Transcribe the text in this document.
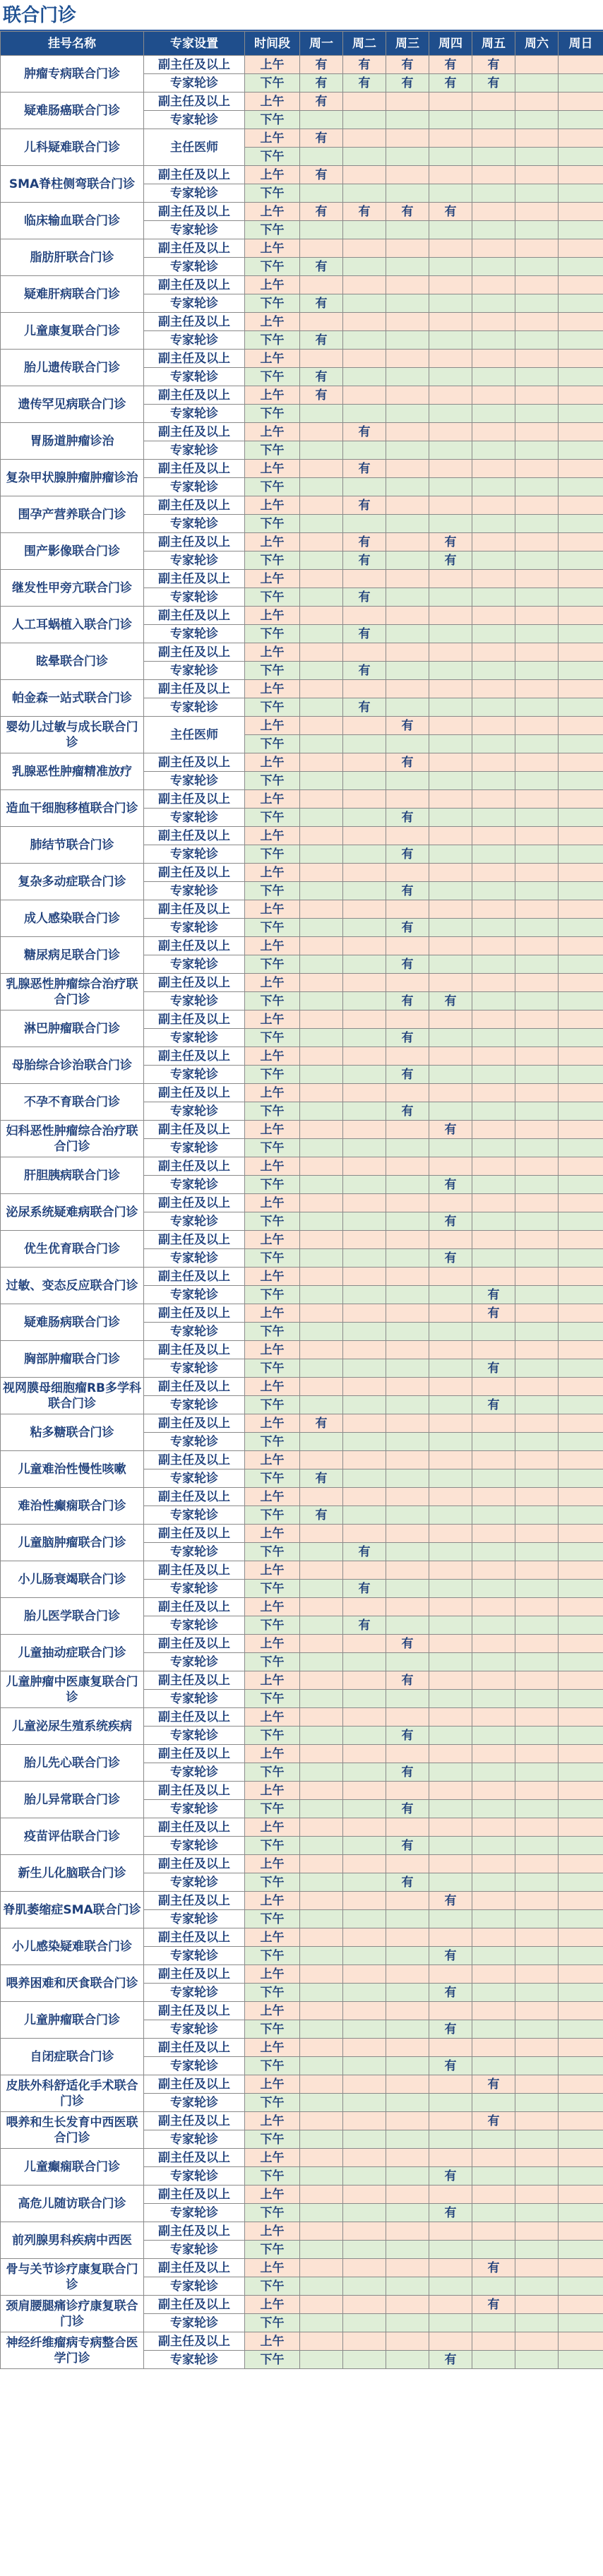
联合门诊
挂号名称	专家设置	时间段	周一	周二	周三	周四	周五	周六	周日
肿瘤专病联合门诊	副主任及以上	上午	有	有	有	有	有		
	专家轮诊	下午	有	有	有	有	有		
疑难肠癌联合门诊	副主任及以上	上午	有						
	专家轮诊	下午							
儿科疑难联合门诊	主任医师	上午	有						
		下午							
SMA脊柱侧弯联合门诊	副主任及以上	上午	有						
	专家轮诊	下午							
临床输血联合门诊	副主任及以上	上午	有	有	有	有			
	专家轮诊	下午							
脂肪肝联合门诊	副主任及以上	上午							
	专家轮诊	下午	有						
疑难肝病联合门诊	副主任及以上	上午							
	专家轮诊	下午	有						
儿童康复联合门诊	副主任及以上	上午							
	专家轮诊	下午	有						
胎儿遗传联合门诊	副主任及以上	上午							
	专家轮诊	下午	有						
遗传罕见病联合门诊	副主任及以上	上午	有						
	专家轮诊	下午							
胃肠道肿瘤诊治	副主任及以上	上午		有					
	专家轮诊	下午							
复杂甲状腺肿瘤肿瘤诊治	副主任及以上	上午		有					
	专家轮诊	下午							
围孕产营养联合门诊	副主任及以上	上午		有					
	专家轮诊	下午							
围产影像联合门诊	副主任及以上	上午		有		有			
	专家轮诊	下午		有		有			
继发性甲旁亢联合门诊	副主任及以上	上午							
	专家轮诊	下午		有					
人工耳蜗植入联合门诊	副主任及以上	上午							
	专家轮诊	下午		有					
眩晕联合门诊	副主任及以上	上午							
	专家轮诊	下午		有					
帕金森一站式联合门诊	副主任及以上	上午							
	专家轮诊	下午		有					
婴幼儿过敏与成长联合门诊	主任医师	上午			有				
		下午							
乳腺恶性肿瘤精准放疗	副主任及以上	上午			有				
	专家轮诊	下午							
造血干细胞移植联合门诊	副主任及以上	上午							
	专家轮诊	下午			有				
肺结节联合门诊	副主任及以上	上午							
	专家轮诊	下午			有				
复杂多动症联合门诊	副主任及以上	上午							
	专家轮诊	下午			有				
成人感染联合门诊	副主任及以上	上午							
	专家轮诊	下午			有				
糖尿病足联合门诊	副主任及以上	上午							
	专家轮诊	下午			有				
乳腺恶性肿瘤综合治疗联合门诊	副主任及以上	上午							
	专家轮诊	下午			有	有			
淋巴肿瘤联合门诊	副主任及以上	上午							
	专家轮诊	下午			有				
母胎综合诊治联合门诊	副主任及以上	上午							
	专家轮诊	下午			有				
不孕不育联合门诊	副主任及以上	上午							
	专家轮诊	下午			有				
妇科恶性肿瘤综合治疗联合门诊	副主任及以上	上午				有			
	专家轮诊	下午							
肝胆胰病联合门诊	副主任及以上	上午							
	专家轮诊	下午				有			
泌尿系统疑难病联合门诊	副主任及以上	上午							
	专家轮诊	下午				有			
优生优育联合门诊	副主任及以上	上午							
	专家轮诊	下午				有			
过敏、变态反应联合门诊	副主任及以上	上午							
	专家轮诊	下午					有		
疑难肠病联合门诊	副主任及以上	上午					有		
	专家轮诊	下午							
胸部肿瘤联合门诊	副主任及以上	上午							
	专家轮诊	下午					有		
视网膜母细胞瘤RB多学科联合门诊	副主任及以上	上午							
	专家轮诊	下午					有		
粘多糖联合门诊	副主任及以上	上午	有						
	专家轮诊	下午							
儿童难治性慢性咳嗽	副主任及以上	上午							
	专家轮诊	下午	有						
难治性癫痫联合门诊	副主任及以上	上午							
	专家轮诊	下午	有						
儿童脑肿瘤联合门诊	副主任及以上	上午							
	专家轮诊	下午		有					
小儿肠衰竭联合门诊	副主任及以上	上午							
	专家轮诊	下午		有					
胎儿医学联合门诊	副主任及以上	上午							
	专家轮诊	下午		有					
儿童抽动症联合门诊	副主任及以上	上午			有				
	专家轮诊	下午							
儿童肿瘤中医康复联合门诊	副主任及以上	上午			有				
	专家轮诊	下午							
儿童泌尿生殖系统疾病	副主任及以上	上午							
	专家轮诊	下午			有				
胎儿先心联合门诊	副主任及以上	上午							
	专家轮诊	下午			有				
胎儿异常联合门诊	副主任及以上	上午							
	专家轮诊	下午			有				
疫苗评估联合门诊	副主任及以上	上午							
	专家轮诊	下午			有				
新生儿化脑联合门诊	副主任及以上	上午							
	专家轮诊	下午			有				
脊肌萎缩症SMA联合门诊	副主任及以上	上午				有			
	专家轮诊	下午							
小儿感染疑难联合门诊	副主任及以上	上午							
	专家轮诊	下午				有			
喂养困难和厌食联合门诊	副主任及以上	上午							
	专家轮诊	下午				有			
儿童肿瘤联合门诊	副主任及以上	上午							
	专家轮诊	下午				有			
自闭症联合门诊	副主任及以上	上午							
	专家轮诊	下午				有			
皮肤外科舒适化手术联合门诊	副主任及以上	上午					有		
	专家轮诊	下午							
喂养和生长发育中西医联合门诊	副主任及以上	上午					有		
	专家轮诊	下午							
儿童癫痫联合门诊	副主任及以上	上午							
	专家轮诊	下午				有			
高危儿随访联合门诊	副主任及以上	上午							
	专家轮诊	下午				有			
前列腺男科疾病中西医	副主任及以上	上午							
	专家轮诊	下午							
骨与关节诊疗康复联合门诊	副主任及以上	上午					有		
	专家轮诊	下午							
颈肩腰腿痛诊疗康复联合门诊	副主任及以上	上午					有		
	专家轮诊	下午							
神经纤维瘤病专病整合医学门诊	副主任及以上	上午							
	专家轮诊	下午				有			
